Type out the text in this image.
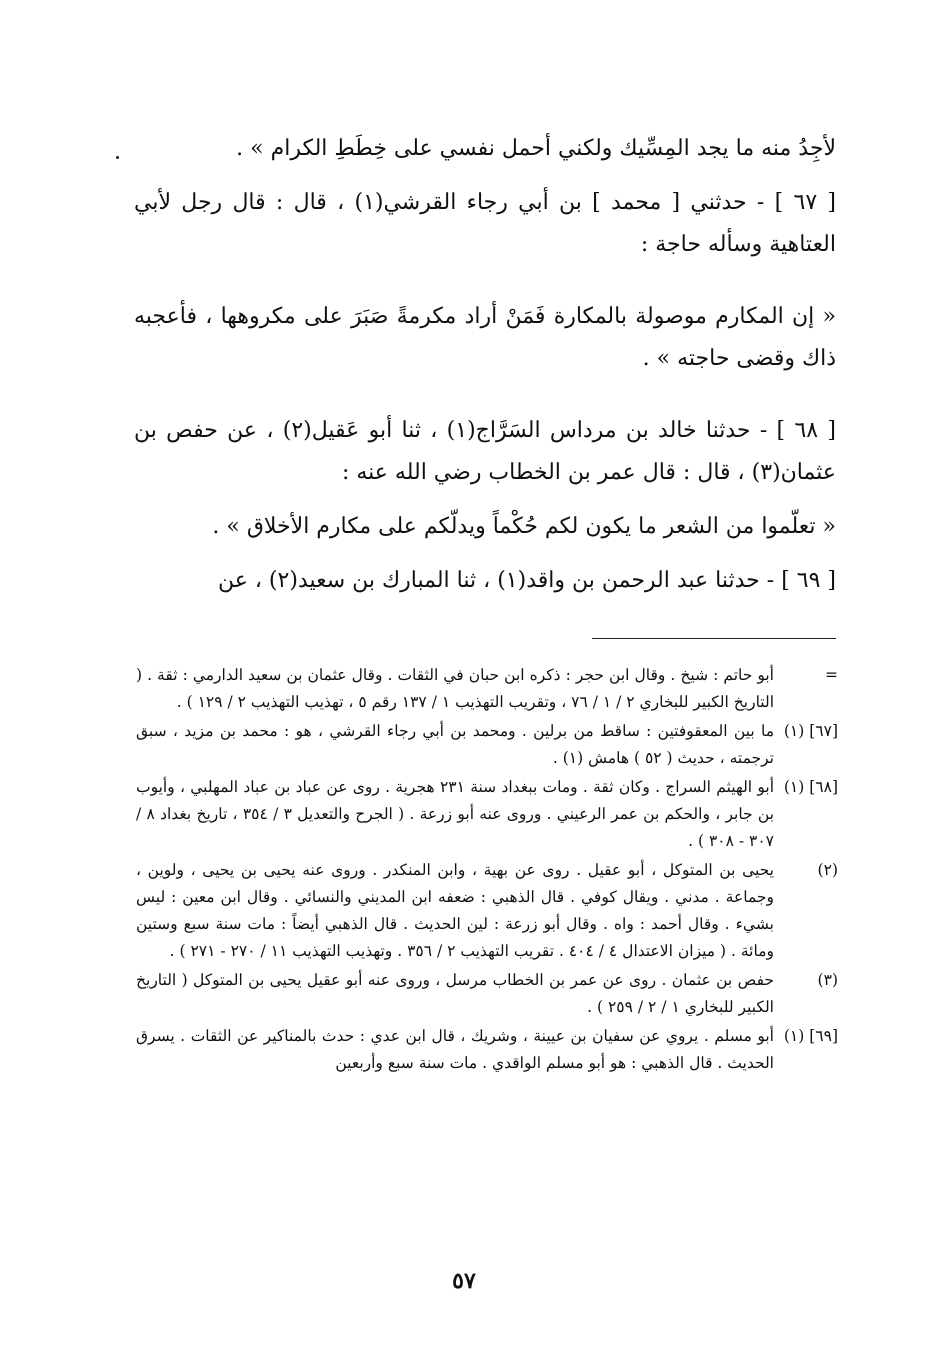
لأجِدُ منه ما يجد المِسِّيك ولكني أحمل نفسي على خِطَطِ الكرام » .

[ ٦٧ ] - حدثني [ محمد ] بن أبي رجاء القرشي(١) ، قال : قال رجل لأبي العتاهية وسأله حاجة :

« إن المكارم موصولة بالمكارة فَمَنْ أراد مكرمةً صَبَرَ على مكروهها ، فأعجبه ذاك وقضى حاجته » .

[ ٦٨ ] - حدثنا خالد بن مرداس السَرَّاج(١) ، ثنا أبو عَقيل(٢) ، عن حفص بن عثمان(٣) ، قال : قال عمر بن الخطاب رضي الله عنه :

« تعلّموا من الشعر ما يكون لكم حُكْماً ويدلّكم على مكارم الأخلاق » .

[ ٦٩ ] - حدثنا عبد الرحمن بن واقد(١) ، ثنا المبارك بن سعيد(٢) ، عن

=
أبو حاتم : شيخ . وقال ابن حجر : ذكره ابن حبان في الثقات . وقال عثمان بن سعيد الدارمي : ثقة . ( التاريخ الكبير للبخاري ٢ / ١ / ٧٦ ، وتقريب التهذيب ١ / ١٣٧ رقم ٥ ، تهذيب التهذيب ٢ / ١٢٩ ) .
[٦٧] (١)
ما بين المعقوفتين : ساقط من برلين . ومحمد بن أبي رجاء القرشي ، هو : محمد بن مزيد ، سبق ترجمته ، حديث ( ٥٢ ) هامش (١) .
[٦٨] (١)
أبو الهيثم السراج . وكان ثقة . ومات ببغداد سنة ٢٣١ هجرية . روى عن عباد بن عباد المهلبي ، وأيوب بن جابر ، والحكم بن عمر الرعيني . وروى عنه أبو زرعة . ( الجرح والتعديل ٣ / ٣٥٤ ، تاريخ بغداد ٨ / ٣٠٧ - ٣٠٨ ) .
(٢)
يحيى بن المتوكل ، أبو عقيل . روى عن بهية ، وابن المنكدر . وروى عنه يحيى بن يحيى ، ولوين ، وجماعة . مدني . ويقال كوفي . قال الذهبي : ضعفه ابن المديني والنسائي . وقال ابن معين : ليس بشيء . وقال أحمد : واه . وقال أبو زرعة : لين الحديث . قال الذهبي أيضاً : مات سنة سبع وستين ومائة . ( ميزان الاعتدال ٤ / ٤٠٤ . تقريب التهذيب ٢ / ٣٥٦ . وتهذيب التهذيب ١١ / ٢٧٠ - ٢٧١ ) .
(٣)
حفص بن عثمان . روى عن عمر بن الخطاب مرسل ، وروى عنه أبو عقيل يحيى بن المتوكل ( التاريخ الكبير للبخاري ١ / ٢ / ٢٥٩ ) .
[٦٩] (١)
أبو مسلم . يروي عن سفيان بن عيينة ، وشريك ، قال ابن عدي : حدث بالمناكير عن الثقات . يسرق الحديث . قال الذهبي : هو أبو مسلم الواقدي . مات سنة سبع وأربعين
٥٧
